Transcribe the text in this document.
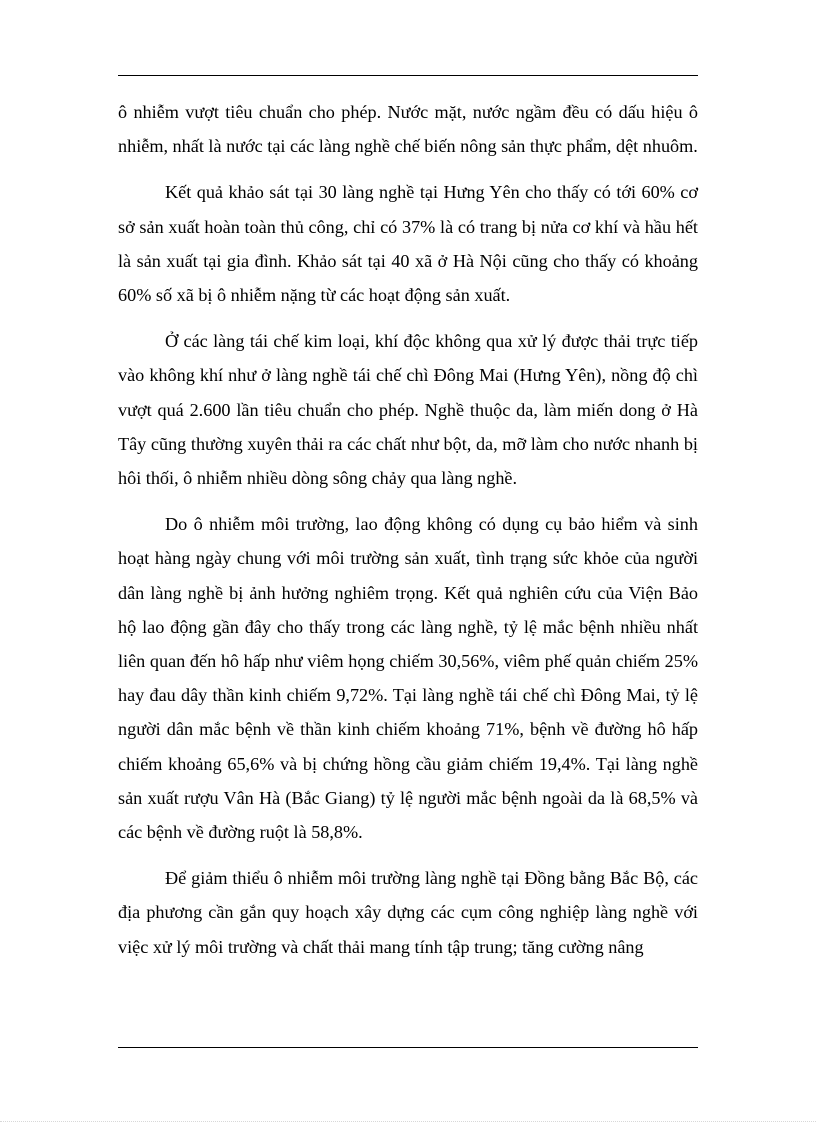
ô nhiễm vượt tiêu chuẩn cho phép. Nước mặt, nước ngầm đều có dấu hiệu ô nhiễm, nhất là nước tại các làng nghề chế biến nông sản thực phẩm, dệt nhuôm.

Kết quả khảo sát tại 30 làng nghề tại Hưng Yên cho thấy có tới 60% cơ sở sản xuất hoàn toàn thủ công, chỉ có 37% là có trang bị nửa cơ khí và hầu hết là sản xuất tại gia đình. Khảo sát tại 40 xã ở Hà Nội cũng cho thấy có khoảng 60% số xã bị ô nhiễm nặng từ các hoạt động sản xuất.

Ở các làng tái chế kim loại, khí độc không qua xử lý được thải trực tiếp vào không khí như ở làng nghề tái chế chì Đông Mai (Hưng Yên), nồng độ chì vượt quá 2.600 lần tiêu chuẩn cho phép. Nghề thuộc da, làm miến dong ở Hà Tây cũng thường xuyên thải ra các chất như bột, da, mỡ làm cho nước nhanh bị hôi thối, ô nhiễm nhiều dòng sông chảy qua làng nghề.

Do ô nhiễm môi trường, lao động không có dụng cụ bảo hiểm và sinh hoạt hàng ngày chung với môi trường sản xuất, tình trạng sức khỏe của người dân làng nghề bị ảnh hưởng nghiêm trọng. Kết quả nghiên cứu của Viện Bảo hộ lao động gần đây cho thấy trong các làng nghề, tỷ lệ mắc bệnh nhiều nhất liên quan đến hô hấp như viêm họng chiếm 30,56%, viêm phế quản chiếm 25% hay đau dây thần kinh chiếm 9,72%. Tại làng nghề tái chế chì Đông Mai, tỷ lệ người dân mắc bệnh về thần kinh chiếm khoảng 71%, bệnh về đường hô hấp chiếm khoảng 65,6% và bị chứng hồng cầu giảm chiếm 19,4%. Tại làng nghề sản xuất rượu Vân Hà (Bắc Giang) tỷ lệ người mắc bệnh ngoài da là 68,5% và các bệnh về đường ruột là 58,8%.

Để giảm thiểu ô nhiễm môi trường làng nghề tại Đồng bằng Bắc Bộ, các địa phương cần gắn quy hoạch xây dựng các cụm công nghiệp làng nghề với việc xử lý môi trường và chất thải mang tính tập trung; tăng cường nâng
